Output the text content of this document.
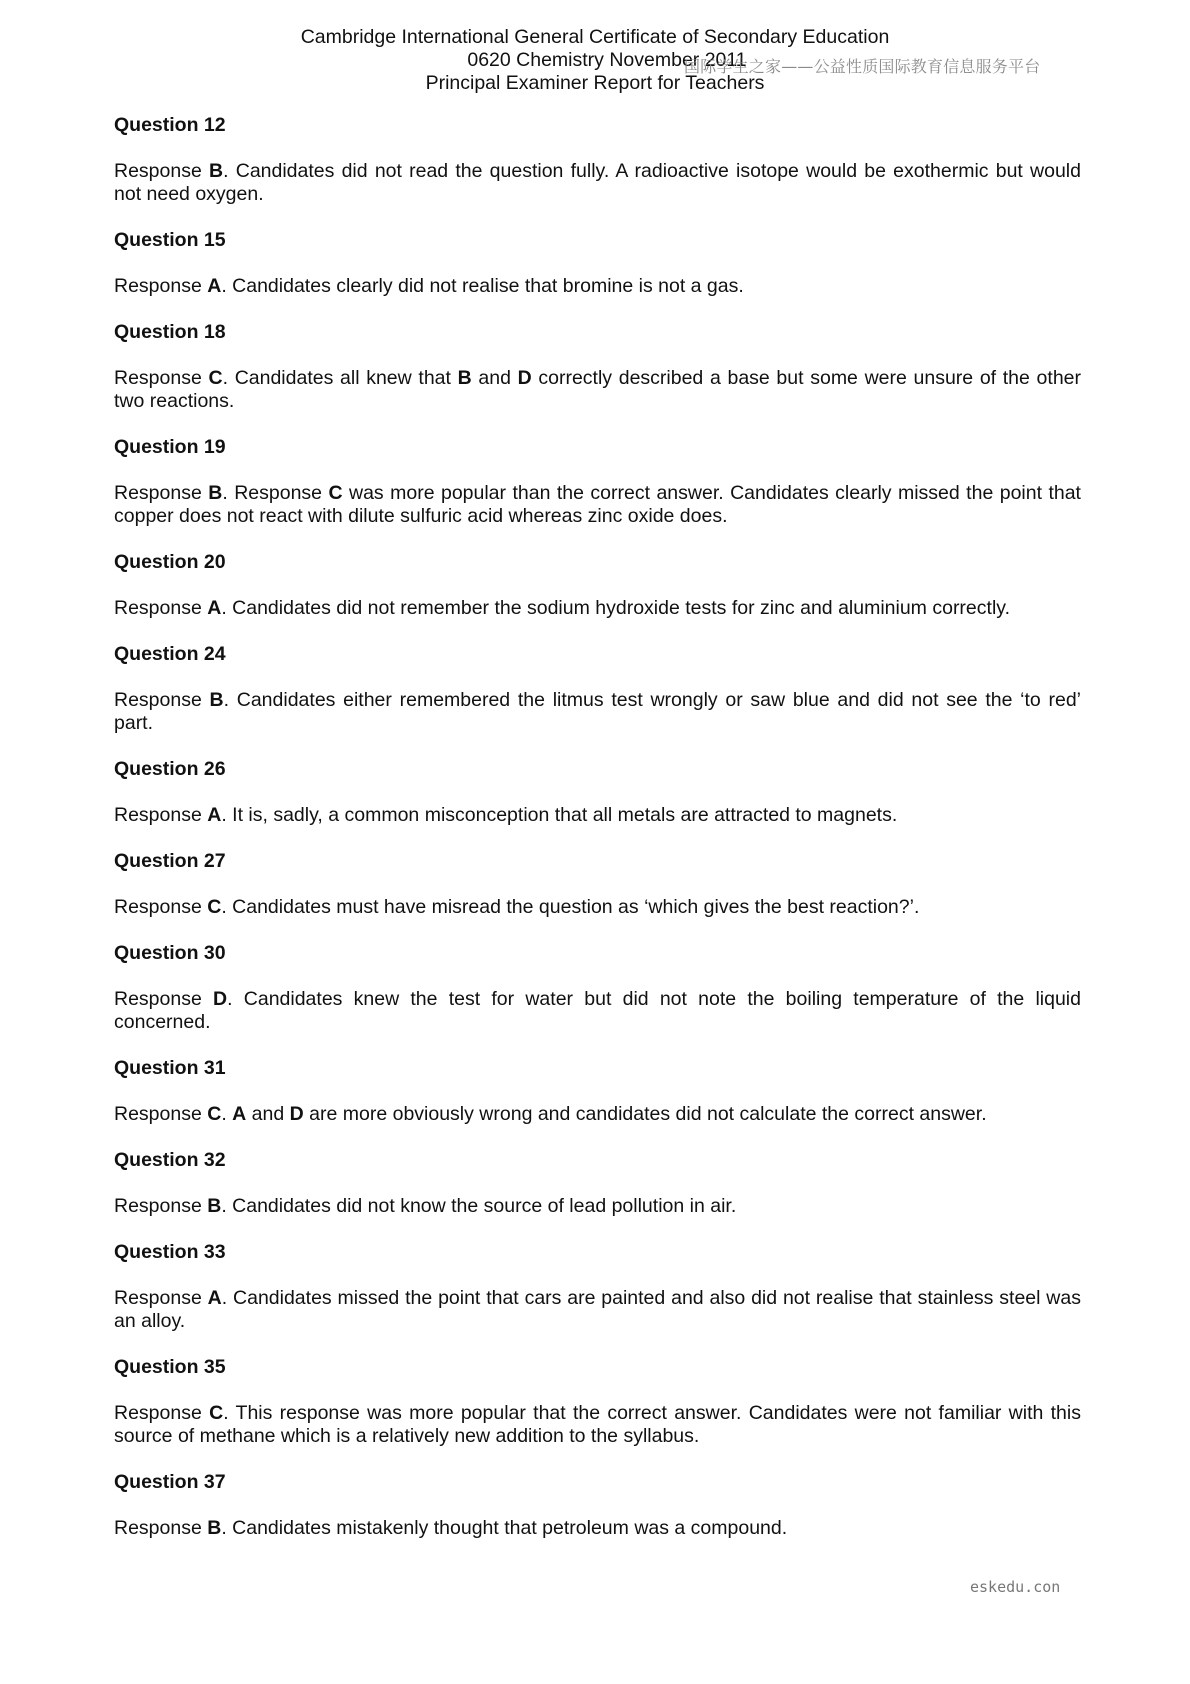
Cambridge International General Certificate of Secondary Education
0620 Chemistry November 2011
Principal Examiner Report for Teachers
国际学生之家——公益性质国际教育信息服务平台
Question 12
Response B. Candidates did not read the question fully. A radioactive isotope would be exothermic but would not need oxygen.
Question 15
Response A. Candidates clearly did not realise that bromine is not a gas.
Question 18
Response C. Candidates all knew that B and D correctly described a base but some were unsure of the other two reactions.
Question 19
Response B. Response C was more popular than the correct answer. Candidates clearly missed the point that copper does not react with dilute sulfuric acid whereas zinc oxide does.
Question 20
Response A. Candidates did not remember the sodium hydroxide tests for zinc and aluminium correctly.
Question 24
Response B. Candidates either remembered the litmus test wrongly or saw blue and did not see the ‘to red’ part.
Question 26
Response A. It is, sadly, a common misconception that all metals are attracted to magnets.
Question 27
Response C. Candidates must have misread the question as ‘which gives the best reaction?’.
Question 30
Response D. Candidates knew the test for water but did not note the boiling temperature of the liquid concerned.
Question 31
Response C. A and D are more obviously wrong and candidates did not calculate the correct answer.
Question 32
Response B. Candidates did not know the source of lead pollution in air.
Question 33
Response A. Candidates missed the point that cars are painted and also did not realise that stainless steel was an alloy.
Question 35
Response C. This response was more popular that the correct answer. Candidates were not familiar with this source of methane which is a relatively new addition to the syllabus.
Question 37
Response B. Candidates mistakenly thought that petroleum was a compound.
eskedu.con
